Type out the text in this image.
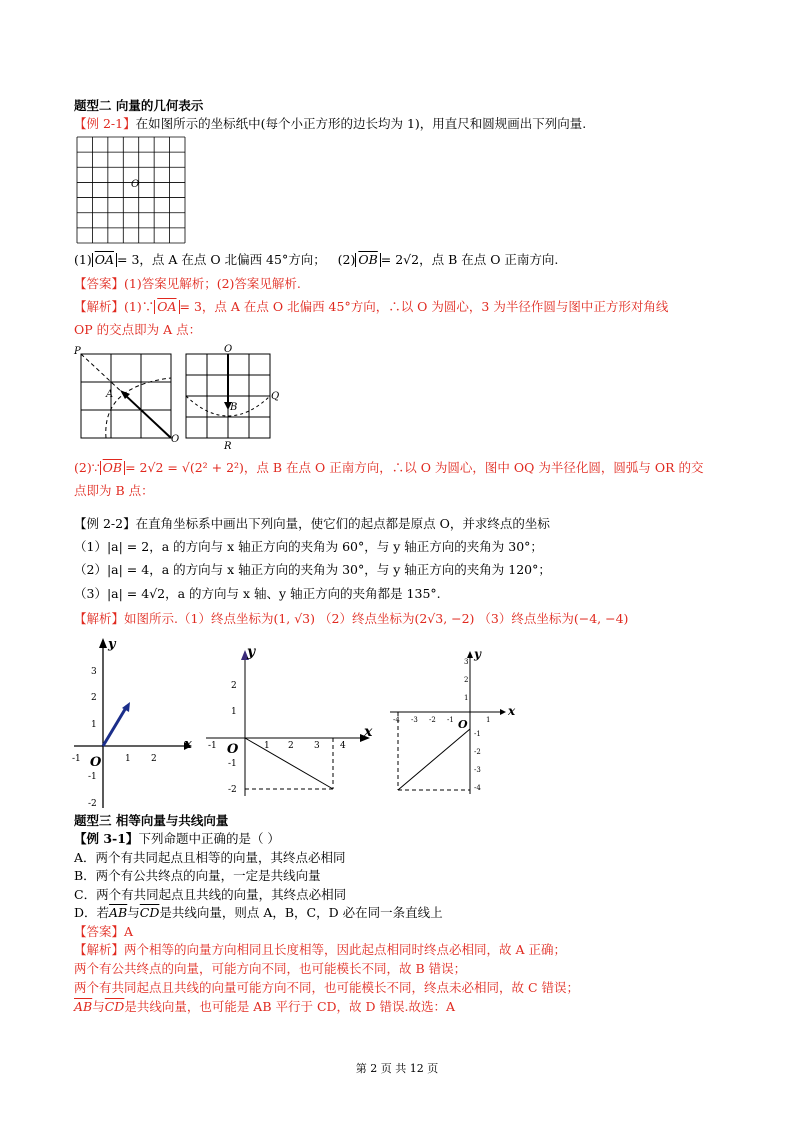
题型二 向量的几何表示
【例 2-1】在如图所示的坐标纸中(每个小正方形的边长均为 1)，用直尺和圆规画出下列向量.
O
(1) $\overline{OA} = 3$，点 A 在点 O 北偏西 45°方向； (2) $\overline{OB} = 2√2$，点 B 在点 O 正南方向.
【答案】(1)答案见解析；(2)答案见解析.
【解析】(1)∵ $\overline{OA} = 3$，点 A 在点 O 北偏西 45°方向，∴以 O 为圆心，3 为半径作圆与图中正方形对角线
OP 的交点即为 A 点：
P
A
O
O
B
Q
R
(2)∵ $\overline{OB} = 2√2 = √(2^2 + 2^2)$，点 B 在点 O 正南方向，∴以 O 为圆心，图中 OQ 为半径化圆，圆弧与 OR 的交
点即为 B 点：
【例 2-2】在直角坐标系中画出下列向量，使它们的起点都是原点 O，并求终点的坐标
（1）|a| = 2，a 的方向与 x 轴正方向的夹角为 60°，与 y 轴正方向的夹角为 30°；
（2）|a| = 4，a 的方向与 x 轴正方向的夹角为 30°，与 y 轴正方向的夹角为 120°；
（3）|a| = 4√2，a 的方向与 x 轴、y 轴正方向的夹角都是 135°.
【解析】如图所示.（1）终点坐标为(1, √3) （2）终点坐标为(2√3, −2) （3）终点坐标为(−4, −4)
x
y
O
-1	1 2
3
2
1
-1
-2
x
y
O
-1	1 2 3 4
2
1
-1
-2
x
y
O
-4 -3 -2 -1	1
3
2
1
-1
-2
-3
-4
题型三 相等向量与共线向量
【例 3-1】下列命题中正确的是（ ）
A．两个有共同起点且相等的向量，其终点必相同
B．两个有公共终点的向量，一定是共线向量
C．两个有共同起点且共线的向量，其终点必相同
D．若$\overline{AB}$与$\overline{CD}$是共线向量，则点 A，B，C，D 必在同一条直线上
【答案】A
【解析】两个相等的向量方向相同且长度相等，因此起点相同时终点必相同，故 A 正确；
两个有公共终点的向量，可能方向不同，也可能模长不同，故 B 错误；
两个有共同起点且共线的向量可能方向不同，也可能模长不同，终点未必相同，故 C 错误；
$\overline{AB}$与$\overline{CD}$是共线向量，也可能是 AB 平行于 CD，故 D 错误.故选：A
第 2 页 共 12 页
